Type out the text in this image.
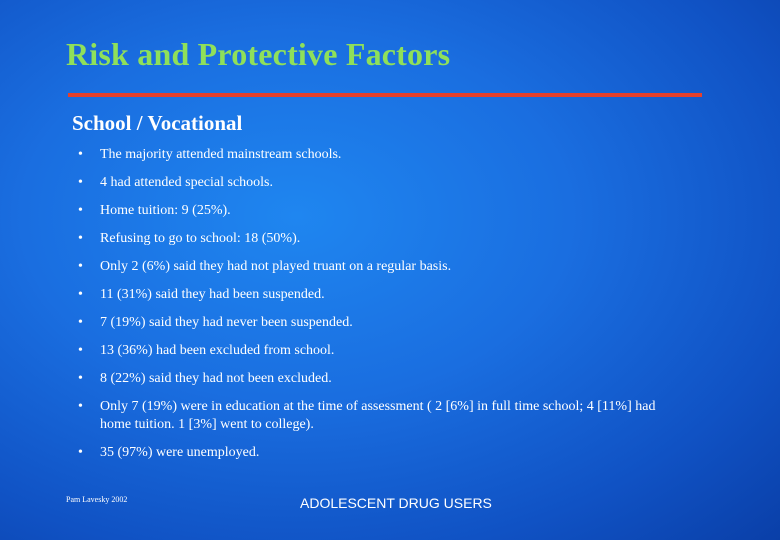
Risk and Protective Factors
School / Vocational
•	The majority attended mainstream schools.
•	4 had attended special schools.
•	Home tuition: 9 (25%).
•	Refusing to go to school: 18 (50%).
•	Only 2 (6%) said they had not played truant on a regular basis.
•	11 (31%) said they had been suspended.
•	7 (19%) said they had never been suspended.
•	13 (36%) had been excluded from school.
•	8 (22%) said they had not been excluded.
•	Only 7 (19%) were in education at the time of assessment ( 2 [6%] in full time school; 4 [11%] had home tuition. 1 [3%] went to college).
•	35 (97%) were unemployed.
Pam Lavesky 2002	ADOLESCENT DRUG USERS
